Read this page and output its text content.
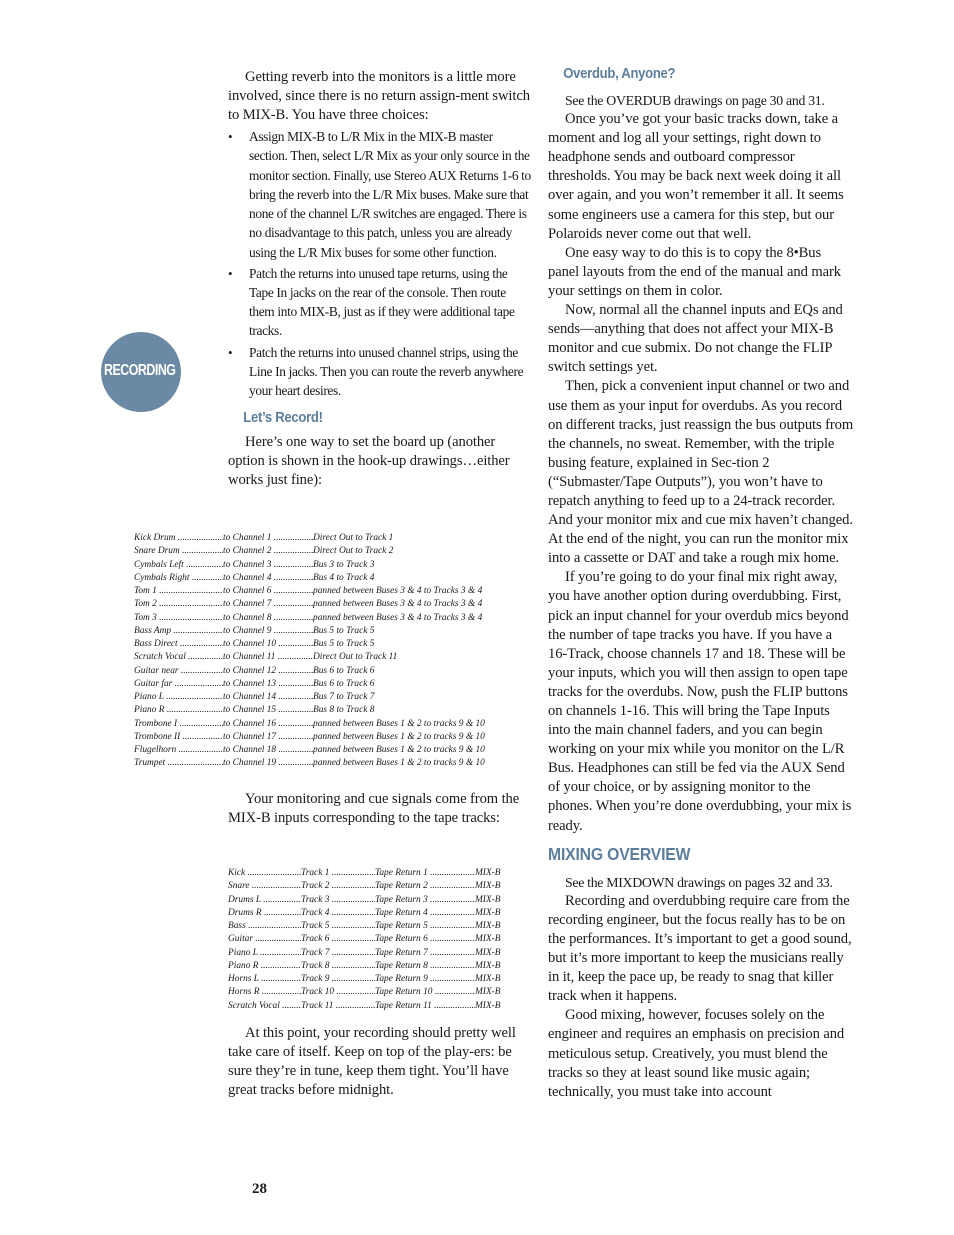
RECORDING

Getting reverb into the monitors is a little more involved, since there is no return assign-ment switch to MIX-B. You have three choices:

• Assign MIX-B to L/R Mix in the MIX-B master section. Then, select L/R Mix as your only source in the monitor section. Finally, use Stereo AUX Returns 1-6 to bring the reverb into the L/R Mix buses. Make sure that none of the channel L/R switches are engaged. There is no disadvantage to this patch, unless you are already using the L/R Mix buses for some other function.
• Patch the returns into unused tape returns, using the Tape In jacks on the rear of the console. Then route them into MIX-B, just as if they were additional tape tracks.
• Patch the returns into unused channel strips, using the Line In jacks. Then you can route the reverb anywhere your heart desires.
Let’s Record!

Here’s one way to set the board up (another option is shown in the hook-up drawings…either works just fine):

Kick Drum .....	to Channel 1 .....	Direct Out to Track 1
Snare Drum .....	to Channel 2 .....	Direct Out to Track 2
Cymbals Left .....	to Channel 3 .....	Bus 3 to Track 3
Cymbals Right .....	to Channel 4 .....	Bus 4 to Track 4
Tom 1 .....	to Channel 6 .....	panned between Buses 3 & 4 to Tracks 3 & 4
Tom 2 .....	to Channel 7 .....	panned between Buses 3 & 4 to Tracks 3 & 4
Tom 3 .....	to Channel 8 .....	panned between Buses 3 & 4 to Tracks 3 & 4
Bass Amp .....	to Channel 9 .....	Bus 5 to Track 5
Bass Direct .....	to Channel 10 .....	Bus 5 to Track 5
Scratch Vocal .....	to Channel 11 .....	Direct Out to Track 11
Guitar near .....	to Channel 12 .....	Bus 6 to Track 6
Guitar far .....	to Channel 13 .....	Bus 6 to Track 6
Piano L .....	to Channel 14 .....	Bus 7 to Track 7
Piano R .....	to Channel 15 .....	Bus 8 to Track 8
Trombone I .....	to Channel 16 .....	panned between Buses 1 & 2 to tracks 9 & 10
Trombone II .....	to Channel 17 .....	panned between Buses 1 & 2 to tracks 9 & 10
Flugelhorn .....	to Channel 18 .....	panned between Buses 1 & 2 to tracks 9 & 10
Trumpet .....	to Channel 19 .....	panned between Buses 1 & 2 to tracks 9 & 10

Your monitoring and cue signals come from the MIX-B inputs corresponding to the tape tracks:

Kick .....	Track 1 .....	Tape Return 1 .....	MIX-B
Snare .....	Track 2 .....	Tape Return 2 .....	MIX-B
Drums L .....	Track 3 .....	Tape Return 3 .....	MIX-B
Drums R .....	Track 4 .....	Tape Return 4 .....	MIX-B
Bass .....	Track 5 .....	Tape Return 5 .....	MIX-B
Guitar .....	Track 6 .....	Tape Return 6 .....	MIX-B
Piano L .....	Track 7 .....	Tape Return 7 .....	MIX-B
Piano R .....	Track 8 .....	Tape Return 8 .....	MIX-B
Horns L .....	Track 9 .....	Tape Return 9 .....	MIX-B
Horns R .....	Track 10 .....	Tape Return 10 .....	MIX-B
Scratch Vocal .....	Track 11 .....	Tape Return 11 .....	MIX-B

At this point, your recording should pretty well take care of itself. Keep on top of the play-ers: be sure they’re in tune, keep them tight. You’ll have great tracks before midnight.

Overdub, Anyone?

See the OVERDUB drawings on page 30 and 31.

Once you’ve got your basic tracks down, take a moment and log all your settings, right down to headphone sends and outboard compressor thresholds. You may be back next week doing it all over again, and you won’t remember it all. It seems some engineers use a camera for this step, but our Polaroids never come out that well.

One easy way to do this is to copy the 8•Bus panel layouts from the end of the manual and mark your settings on them in color.

Now, normal all the channel inputs and EQs and sends—anything that does not affect your MIX-B monitor and cue submix. Do not change the FLIP switch settings yet.

Then, pick a convenient input channel or two and use them as your input for overdubs. As you record on different tracks, just reassign the bus outputs from the channels, no sweat. Remember, with the triple busing feature, explained in Sec-tion 2 (“Submaster/Tape Outputs”), you won’t have to repatch anything to feed up to a 24-track recorder. And your monitor mix and cue mix haven’t changed. At the end of the night, you can run the monitor mix into a cassette or DAT and take a rough mix home.

If you’re going to do your final mix right away, you have another option during overdubbing. First, pick an input channel for your overdub mics beyond the number of tape tracks you have. If you have a 16-Track, choose channels 17 and 18. These will be your inputs, which you will then assign to open tape tracks for the overdubs. Now, push the FLIP buttons on channels 1-16. This will bring the Tape Inputs into the main channel faders, and you can begin working on your mix while you monitor on the L/R Bus. Headphones can still be fed via the AUX Send of your choice, or by assigning monitor to the phones. When you’re done overdubbing, your mix is ready.

MIXING OVERVIEW

See the MIXDOWN drawings on pages 32 and 33.

Recording and overdubbing require care from the recording engineer, but the focus really has to be on the performances. It’s important to get a good sound, but it’s more important to keep the musicians really in it, keep the pace up, be ready to snag that killer track when it happens.

Good mixing, however, focuses solely on the engineer and requires an emphasis on precision and meticulous setup. Creatively, you must blend the tracks so they at least sound like music again; technically, you must take into account

28
